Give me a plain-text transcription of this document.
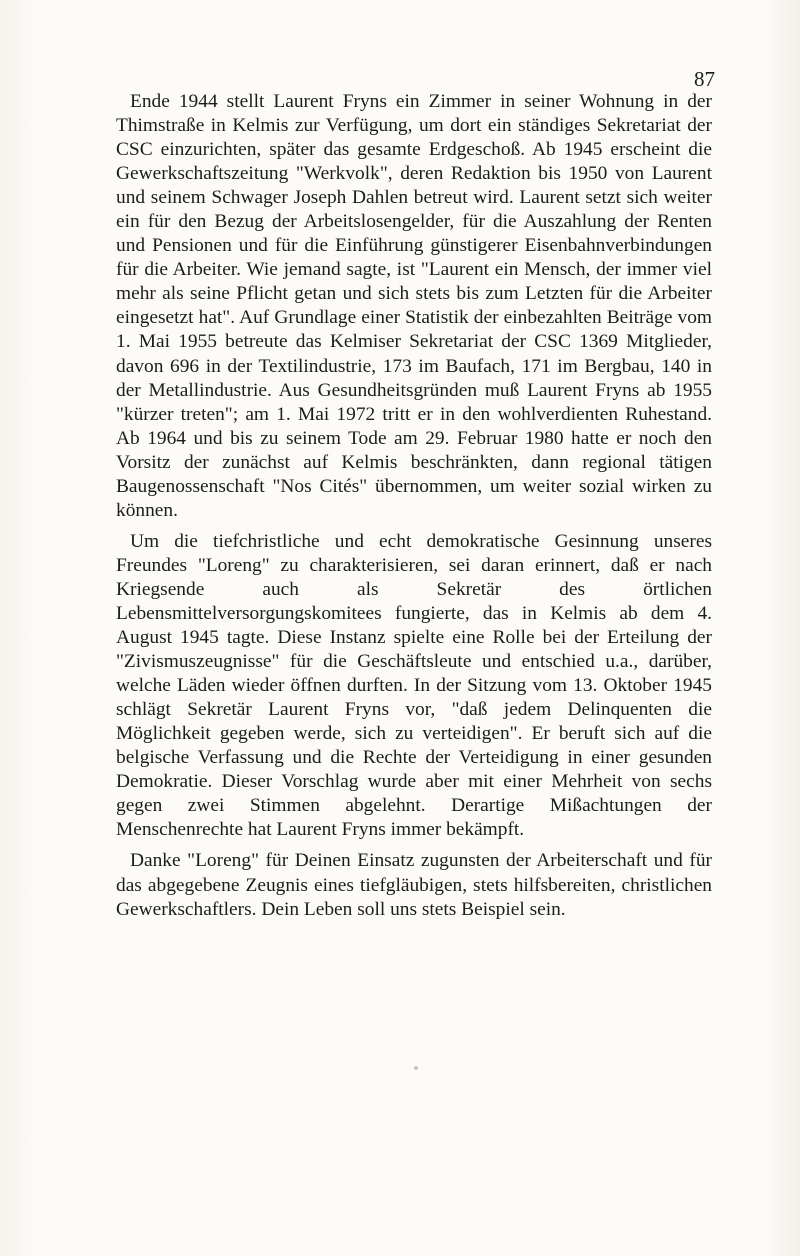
87

Ende 1944 stellt Laurent Fryns ein Zimmer in seiner Wohnung in der Thimstraße in Kelmis zur Verfügung, um dort ein ständiges Sekretariat der CSC einzurichten, später das gesamte Erdgeschoß. Ab 1945 erscheint die Gewerkschaftszeitung "Werkvolk", deren Redaktion bis 1950 von Laurent und seinem Schwager Joseph Dahlen betreut wird. Laurent setzt sich weiter ein für den Bezug der Arbeitslosengelder, für die Auszahlung der Renten und Pensionen und für die Einführung günstigerer Eisenbahnverbindungen für die Arbeiter. Wie jemand sagte, ist "Laurent ein Mensch, der immer viel mehr als seine Pflicht getan und sich stets bis zum Letzten für die Arbeiter eingesetzt hat". Auf Grundlage einer Statistik der einbezahlten Beiträge vom 1. Mai 1955 betreute das Kelmiser Sekretariat der CSC 1369 Mitglieder, davon 696 in der Textilindustrie, 173 im Baufach, 171 im Bergbau, 140 in der Metallindustrie. Aus Gesundheitsgründen muß Laurent Fryns ab 1955 "kürzer treten"; am 1. Mai 1972 tritt er in den wohlverdienten Ruhestand. Ab 1964 und bis zu seinem Tode am 29. Februar 1980 hatte er noch den Vorsitz der zunächst auf Kelmis beschränkten, dann regional tätigen Baugenossenschaft "Nos Cités" übernommen, um weiter sozial wirken zu können.

Um die tiefchristliche und echt demokratische Gesinnung unseres Freundes "Loreng" zu charakterisieren, sei daran erinnert, daß er nach Kriegsende auch als Sekretär des örtlichen Lebensmittelversorgungskomitees fungierte, das in Kelmis ab dem 4. August 1945 tagte. Diese Instanz spielte eine Rolle bei der Erteilung der "Zivismuszeugnisse" für die Geschäftsleute und entschied u.a., darüber, welche Läden wieder öffnen durften. In der Sitzung vom 13. Oktober 1945 schlägt Sekretär Laurent Fryns vor, "daß jedem Delinquenten die Möglichkeit gegeben werde, sich zu verteidigen". Er beruft sich auf die belgische Verfassung und die Rechte der Verteidigung in einer gesunden Demokratie. Dieser Vorschlag wurde aber mit einer Mehrheit von sechs gegen zwei Stimmen abgelehnt. Derartige Mißachtungen der Menschenrechte hat Laurent Fryns immer bekämpft.

Danke "Loreng" für Deinen Einsatz zugunsten der Arbeiterschaft und für das abgegebene Zeugnis eines tiefgläubigen, stets hilfsbereiten, christlichen Gewerkschaftlers. Dein Leben soll uns stets Beispiel sein.
